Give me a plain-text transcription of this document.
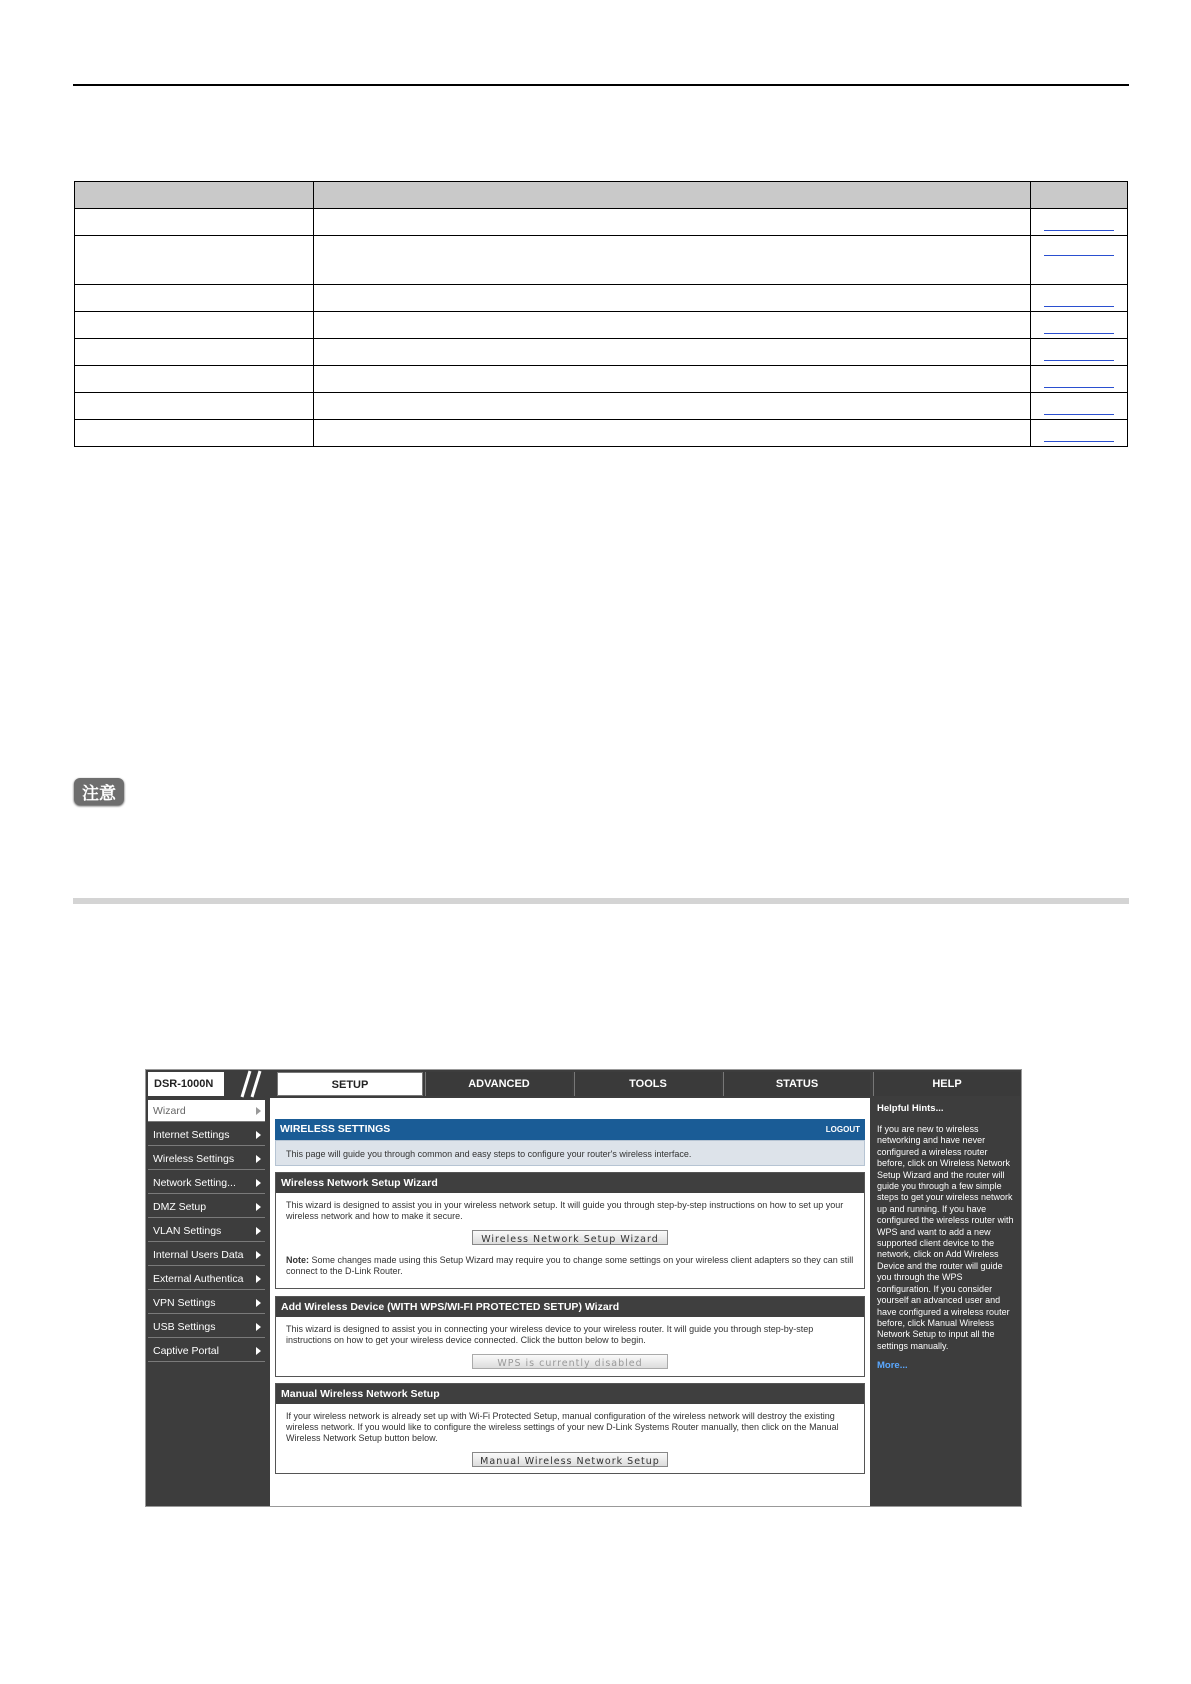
注意
DSR-1000N	SETUP	ADVANCED	TOOLS	STATUS	HELP
Wizard
Internet Settings
Wireless Settings
Network Setting...
DMZ Setup
VLAN Settings
Internal Users Data
External Authentica
VPN Settings
USB Settings
Captive Portal
WIRELESS SETTINGS	LOGOUT
This page will guide you through common and easy steps to configure your router's wireless interface.
Wireless Network Setup Wizard
This wizard is designed to assist you in your wireless network setup. It will guide you through step-by-step instructions on how to set up your wireless network and how to make it secure.
Wireless Network Setup Wizard
Note: Some changes made using this Setup Wizard may require you to change some settings on your wireless client adapters so they can still connect to the D-Link Router.
Add Wireless Device (WITH WPS/WI-FI PROTECTED SETUP) Wizard
This wizard is designed to assist you in connecting your wireless device to your wireless router. It will guide you through step-by-step instructions on how to get your wireless device connected. Click the button below to begin.
WPS is currently disabled
Manual Wireless Network Setup
If your wireless network is already set up with Wi-Fi Protected Setup, manual configuration of the wireless network will destroy the existing wireless network. If you would like to configure the wireless settings of your new D-Link Systems Router manually, then click on the Manual Wireless Network Setup button below.
Manual Wireless Network Setup
Helpful Hints...
If you are new to wireless networking and have never configured a wireless router before, click on Wireless Network Setup Wizard and the router will guide you through a few simple steps to get your wireless network up and running. If you have configured the wireless router with WPS and want to add a new supported client device to the network, click on Add Wireless Device and the router will guide you through the WPS configuration. If you consider yourself an advanced user and have configured a wireless router before, click Manual Wireless Network Setup to input all the settings manually.
More...
